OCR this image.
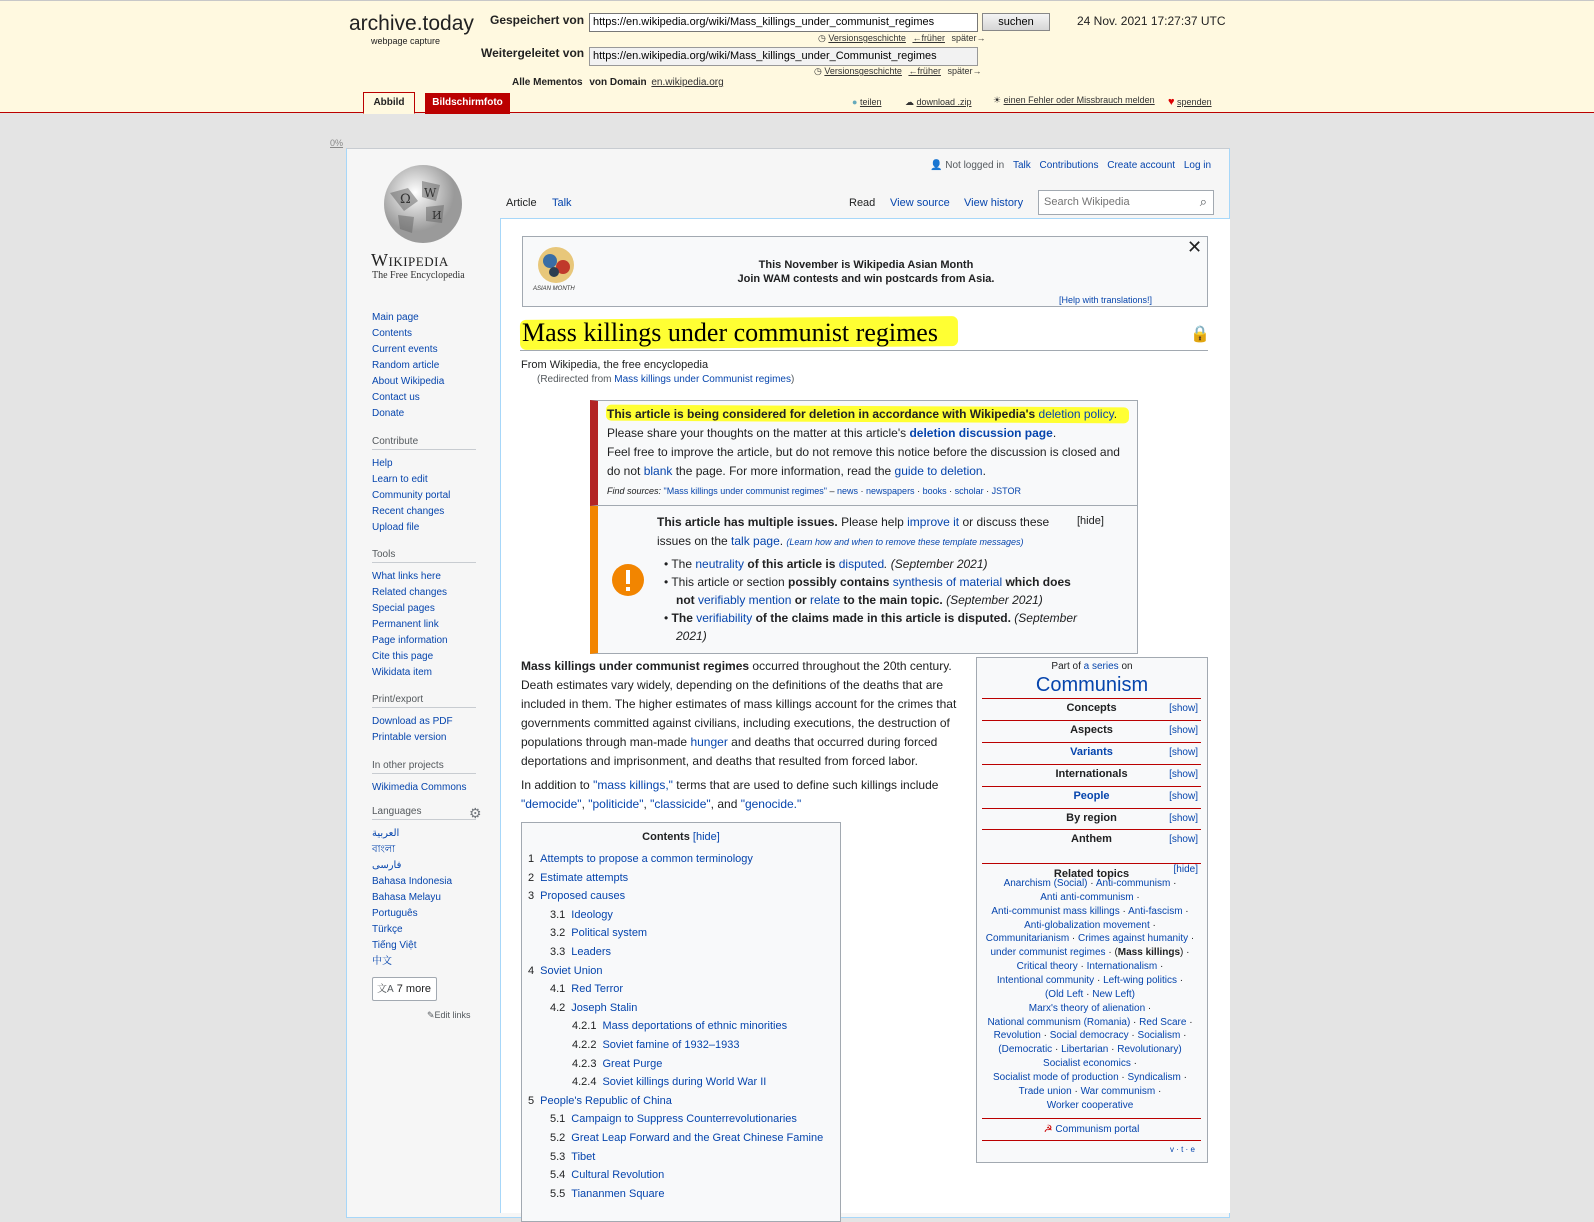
archive.today
webpage capture
Gespeichert von https://en.wikipedia.org/wiki/Mass_killings_under_communist_regimes	suchen	24 Nov. 2021 17:27:37 UTC
◷ Versionsgeschichte ←früher später→
Weitergeleitet von https://en.wikipedia.org/wiki/Mass_killings_under_Communist_regimes
◷ Versionsgeschichte ←früher später→
Alle Mementos von Domain en.wikipedia.org
Abbild	Bildschirmfoto	● teilen	☁ download .zip ☀ einen Fehler oder Missbrauch melden ♥ spenden
0%
Ω W
И
Wikipedia
The Free Encyclopedia
👤 Not logged in Talk Contributions Create account Log in
Article Talk	Read View source View history
Search Wikipedia	⌕
Main page
Contents
Current events
Random article
About Wikipedia
Contact us
Donate
Contribute
Help
Learn to edit
Community portal
Recent changes
Upload file
Tools
What links here
Related changes
Special pages
Permanent link
Page information
Cite this page
Wikidata item
Print/export
Download as PDF
Printable version
In other projects
Wikimedia Commons
Languages
العربية
বাংলা
فارسی
Bahasa Indonesia
Bahasa Melayu
Português
Türkçe
Tiếng Việt
中文
⚙
文A 7 more
✎Edit links
ASIAN MONTH
This November is Wikipedia Asian Month
Join WAM contests and win postcards from Asia.
[Help with translations!]
✕
Mass killings under communist regimes	🔒
From Wikipedia, the free encyclopedia
(Redirected from Mass killings under Communist regimes)
This article is being considered for deletion in accordance with Wikipedia's deletion policy.
Please share your thoughts on the matter at this article's deletion discussion page.
Feel free to improve the article, but do not remove this notice before the discussion is closed and
do not blank the page. For more information, read the guide to deletion.
Find sources: "Mass killings under communist regimes" – news · newspapers · books · scholar · JSTOR
This article has multiple issues. Please help improve it or discuss these	[hide]
issues on the talk page. (Learn how and when to remove these template messages)
• The neutrality of this article is disputed. (September 2021)
• This article or section possibly contains synthesis of material which does
not verifiably mention or relate to the main topic. (September 2021)
• The verifiability of the claims made in this article is disputed. (September
2021)
Mass killings under communist regimes occurred throughout the 20th century.
Death estimates vary widely, depending on the definitions of the deaths that are
included in them. The higher estimates of mass killings account for the crimes that
governments committed against civilians, including executions, the destruction of
populations through man-made hunger and deaths that occurred during forced
deportations and imprisonment, and deaths that resulted from forced labor.
In addition to "mass killings," terms that are used to define such killings include
"democide", "politicide", "classicide", and "genocide."
Contents [hide]
1 Attempts to propose a common terminology
2 Estimate attempts
3 Proposed causes
3.1 Ideology
3.2 Political system
3.3 Leaders
4 Soviet Union
4.1 Red Terror
4.2 Joseph Stalin
4.2.1 Mass deportations of ethnic minorities
4.2.2 Soviet famine of 1932–1933
4.2.3 Great Purge
4.2.4 Soviet killings during World War II
5 People's Republic of China
5.1 Campaign to Suppress Counterrevolutionaries
5.2 Great Leap Forward and the Great Chinese Famine
5.3 Tibet
5.4 Cultural Revolution
5.5 Tiananmen Square
Part of a series on
Communism
Concepts	[show]
Aspects	[show]
Variants	[show]
Internationals	[show]
People	[show]
By region	[show]
Anthem	[show]
Related topics	[hide]
Anarchism (Social) · Anti-communism ·
Anti anti-communism ·
Anti-communist mass killings · Anti-fascism ·
Anti-globalization movement ·
Communitarianism · Crimes against humanity ·
under communist regimes · (Mass killings) ·
Critical theory · Internationalism ·
Intentional community · Left-wing politics ·
(Old Left · New Left)
Marx's theory of alienation ·
National communism (Romania) · Red Scare ·
Revolution · Social democracy · Socialism ·
(Democratic · Libertarian · Revolutionary)
Socialist economics ·
Socialist mode of production · Syndicalism ·
Trade union · War communism ·
Worker cooperative
☭ Communism portal
v · t · e
